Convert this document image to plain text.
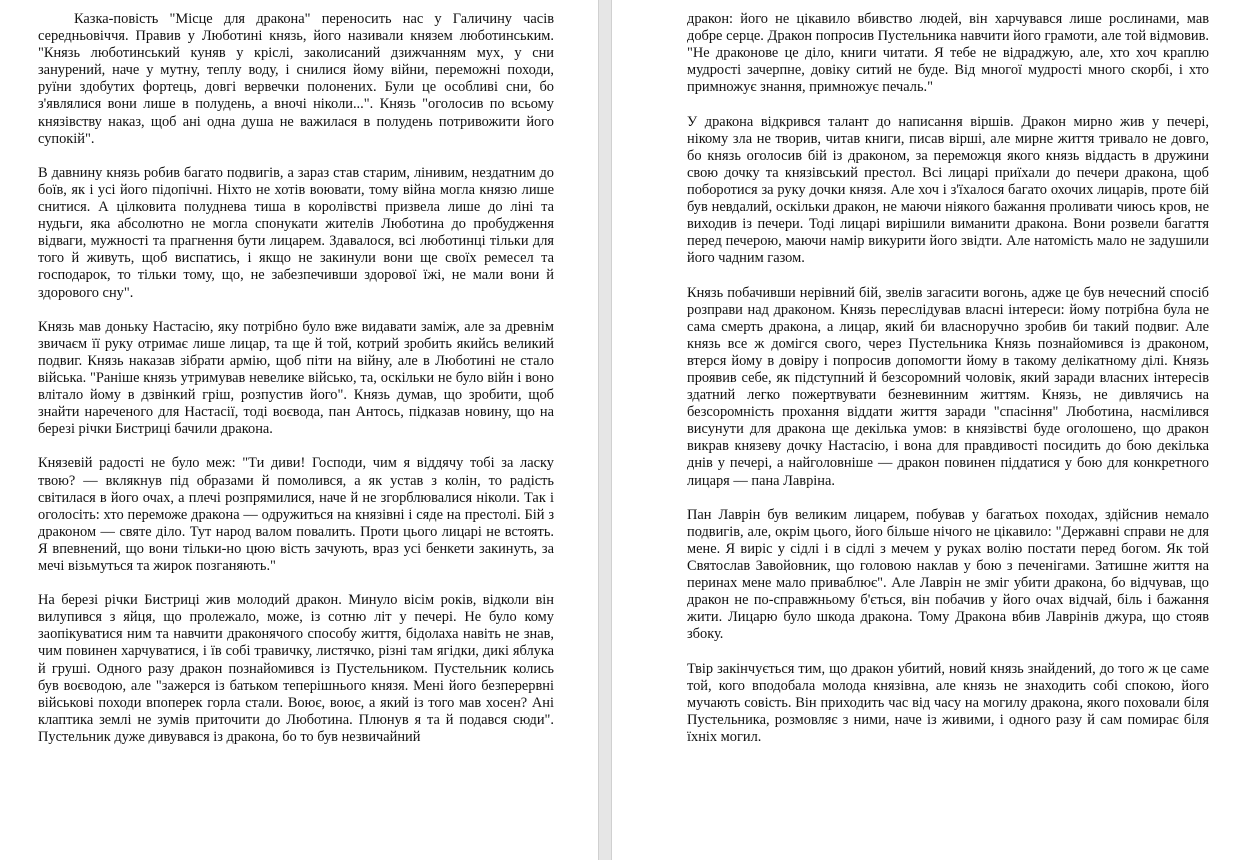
Казка-повість "Місце для дракона" переносить нас у Галичину часів середньовіччя. Правив у Люботині князь, його називали князем люботинським. "Князь люботинський куняв у кріслі, заколисаний дзижчанням мух, у сни занурений, наче у мутну, теплу воду, і снилися йому війни, переможні походи, руїни здобутих фортець, довгі вервечки полонених. Були це особливі сни, бо з'являлися вони лише в полудень, а вночі ніколи...". Князь "оголосив по всьому князівству наказ, щоб ані одна душа не важилася в полудень потривожити його супокій".

В давнину князь робив багато подвигів, а зараз став старим, лінивим, нездатним до боїв, як і усі його підопічні. Ніхто не хотів воювати, тому війна могла князю лише снитися. А цілковита полуднева тиша в королівстві призвела лише до ліні та нудьги, яка абсолютно не могла спонукати жителів Люботина до пробудження відваги, мужності та прагнення бути лицарем. Здавалося, всі люботинці тільки для того й живуть, щоб виспатись, і якщо не закинули вони ще своїх ремесел та господарок, то тільки тому, що, не забезпечивши здорової їжі, не мали вони й здорового сну".

Князь мав доньку Настасію, яку потрібно було вже видавати заміж, але за древнім звичаєм її руку отримає лише лицар, та ще й той, котрий зробить якийсь великий подвиг. Князь наказав зібрати армію, щоб піти на війну, але в Люботині не стало війська. "Раніше князь утримував невелике військо, та, оскільки не було війн і воно влітало йому в дзвінкий гріш, розпустив його". Князь думав, що зробити, щоб знайти нареченого для Настасії, тоді воєвода, пан Антось, підказав новину, що на березі річки Бистриці бачили дракона.

Князевій радості не було меж: "Ти диви! Господи, чим я віддячу тобі за ласку твою? — вклякнув під образами й помолився, а як устав з колін, то радість світилася в його очах, а плечі розпрямилися, наче й не згорблювалися ніколи. Так і оголосіть: хто переможе дракона — одружиться на князівні і сяде на престолі. Бій з драконом — святе діло. Тут народ валом повалить. Проти цього лицарі не встоять. Я впевнений, що вони тільки-но цюю вість зачують, враз усі бенкети закинуть, за мечі візьмуться та жирок позганяють."

На березі річки Бистриці жив молодий дракон. Минуло вісім років, відколи він вилупився з яйця, що пролежало, може, із сотню літ у печері. Не було кому заопікуватися ним та навчити драконячого способу життя, бідолаха навіть не знав, чим повинен харчуватися, і їв собі травичку, листячко, різні там ягідки, дикі яблука й груші. Одного разу дракон познайомився із Пустельником. Пустельник колись був воєводою, але "зажерся із батьком теперішнього князя. Мені його безперервні військові походи впоперек горла стали. Воює, воює, а який із того мав хосен? Ані клаптика землі не зумів приточити до Люботина. Плюнув я та й подався сюди". Пустельник дуже дивувався із дракона, бо то був незвичайний

дракон: його не цікавило вбивство людей, він харчувався лише рослинами, мав добре серце. Дракон попросив Пустельника навчити його грамоти, але той відмовив. "Не драконове це діло, книги читати. Я тебе не відраджую, але, хто хоч краплю мудрості зачерпне, довіку ситий не буде. Від многої мудрості много скорбі, і хто примножує знання, примножує печаль."

У дракона відкрився талант до написання віршів. Дракон мирно жив у печері, нікому зла не творив, читав книги, писав вірші, але мирне життя тривало не довго, бо князь оголосив бій із драконом, за переможця якого князь віддасть в дружини свою дочку та князівський престол. Всі лицарі приїхали до печери дракона, щоб поборотися за руку дочки князя. Але хоч і з'їхалося багато охочих лицарів, проте бій був невдалий, оскільки дракон, не маючи ніякого бажання проливати чиюсь кров, не виходив із печери. Тоді лицарі вирішили виманити дракона. Вони розвели багаття перед печерою, маючи намір викурити його звідти. Але натомість мало не задушили його чадним газом.

Князь побачивши нерівний бій, звелів загасити вогонь, адже це був нечесний спосіб розправи над драконом. Князь переслідував власні інтереси: йому потрібна була не сама смерть дракона, а лицар, який би власноручно зробив би такий подвиг. Але князь все ж домігся свого, через Пустельника Князь познайомився із драконом, втерся йому в довіру і попросив допомогти йому в такому делікатному ділі. Князь проявив себе, як підступний й безсоромний чоловік, який заради власних інтересів здатний легко пожертвувати безневинним життям. Князь, не дивлячись на безсоромність прохання віддати життя заради "спасіння" Люботина, насмілився висунути для дракона ще декілька умов: в князівстві буде оголошено, що дракон викрав князеву дочку Настасію, і вона для правдивості посидить до бою декілька днів у печері, а найголовніше — дракон повинен піддатися у бою для конкретного лицаря — пана Лавріна.

Пан Лаврін був великим лицарем, побував у багатьох походах, здійснив немало подвигів, але, окрім цього, його більше нічого не цікавило: "Державні справи не для мене. Я виріс у сідлі і в сідлі з мечем у руках волію постати перед богом. Як той Святослав Завойовник, що головою наклав у бою з печенігами. Затишне життя на перинах мене мало приваблює". Але Лаврін не зміг убити дракона, бо відчував, що дракон не по-справжньому б'ється, він побачив у його очах відчай, біль і бажання жити. Лицарю було шкода дракона. Тому Дракона вбив Лаврінів джура, що стояв збоку.

Твір закінчується тим, що дракон убитий, новий князь знайдений, до того ж це саме той, кого вподобала молода князівна, але князь не знаходить собі спокою, його мучають совість. Він приходить час від часу на могилу дракона, якого поховали біля Пустельника, розмовляє з ними, наче із живими, і одного разу й сам помирає біля їхніх могил.
